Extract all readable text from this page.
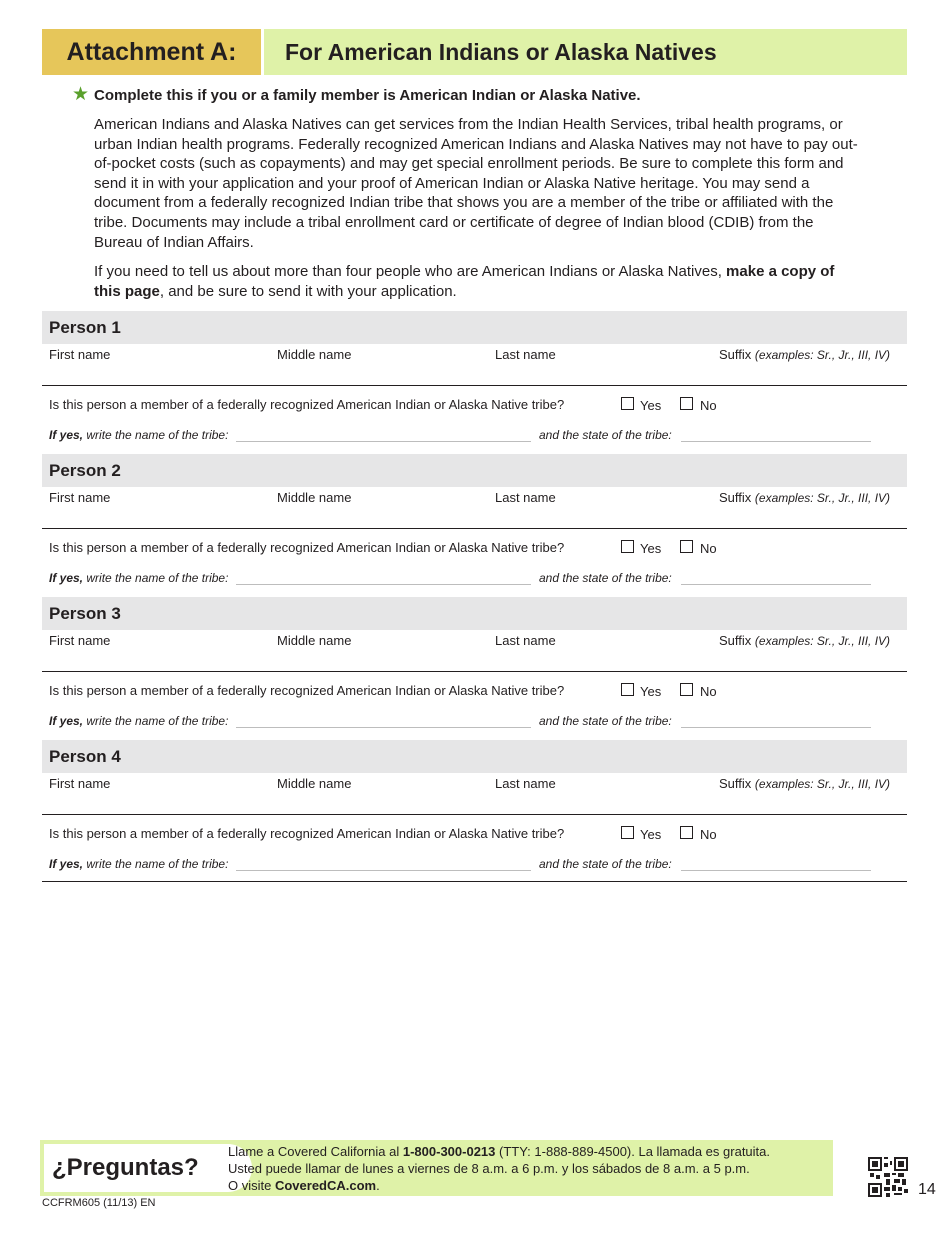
Attachment A:	For American Indians or Alaska Natives
★ Complete this if you or a family member is American Indian or Alaska Native.
American Indians and Alaska Natives can get services from the Indian Health Services, tribal health programs, or urban Indian health programs. Federally recognized American Indians and Alaska Natives may not have to pay out-of-pocket costs (such as copayments) and may get special enrollment periods. Be sure to complete this form and send it in with your application and your proof of American Indian or Alaska Native heritage. You may send a document from a federally recognized Indian tribe that shows you are a member of the tribe or affiliated with the tribe. Documents may include a tribal enrollment card or certificate of degree of Indian blood (CDIB) from the Bureau of Indian Affairs.
If you need to tell us about more than four people who are American Indians or Alaska Natives, make a copy of this page, and be sure to send it with your application.
Person 1
First name	Middle name	Last name	Suffix (examples: Sr., Jr., III, IV)
Is this person a member of a federally recognized American Indian or Alaska Native tribe?	Yes	No
If yes, write the name of the tribe:	and the state of the tribe:
Person 2
First name	Middle name	Last name	Suffix (examples: Sr., Jr., III, IV)
Is this person a member of a federally recognized American Indian or Alaska Native tribe?	Yes	No
If yes, write the name of the tribe:	and the state of the tribe:
Person 3
First name	Middle name	Last name	Suffix (examples: Sr., Jr., III, IV)
Is this person a member of a federally recognized American Indian or Alaska Native tribe?	Yes	No
If yes, write the name of the tribe:	and the state of the tribe:
Person 4
First name	Middle name	Last name	Suffix (examples: Sr., Jr., III, IV)
Is this person a member of a federally recognized American Indian or Alaska Native tribe?	Yes	No
If yes, write the name of the tribe:	and the state of the tribe:
¿Preguntas?
Llame a Covered California al 1-800-300-0213 (TTY: 1-888-889-4500). La llamada es gratuita.
Usted puede llamar de lunes a viernes de 8 a.m. a 6 p.m. y los sábados de 8 a.m. a 5 p.m.
O visite CoveredCA.com.
CCFRM605 (11/13) EN
14
